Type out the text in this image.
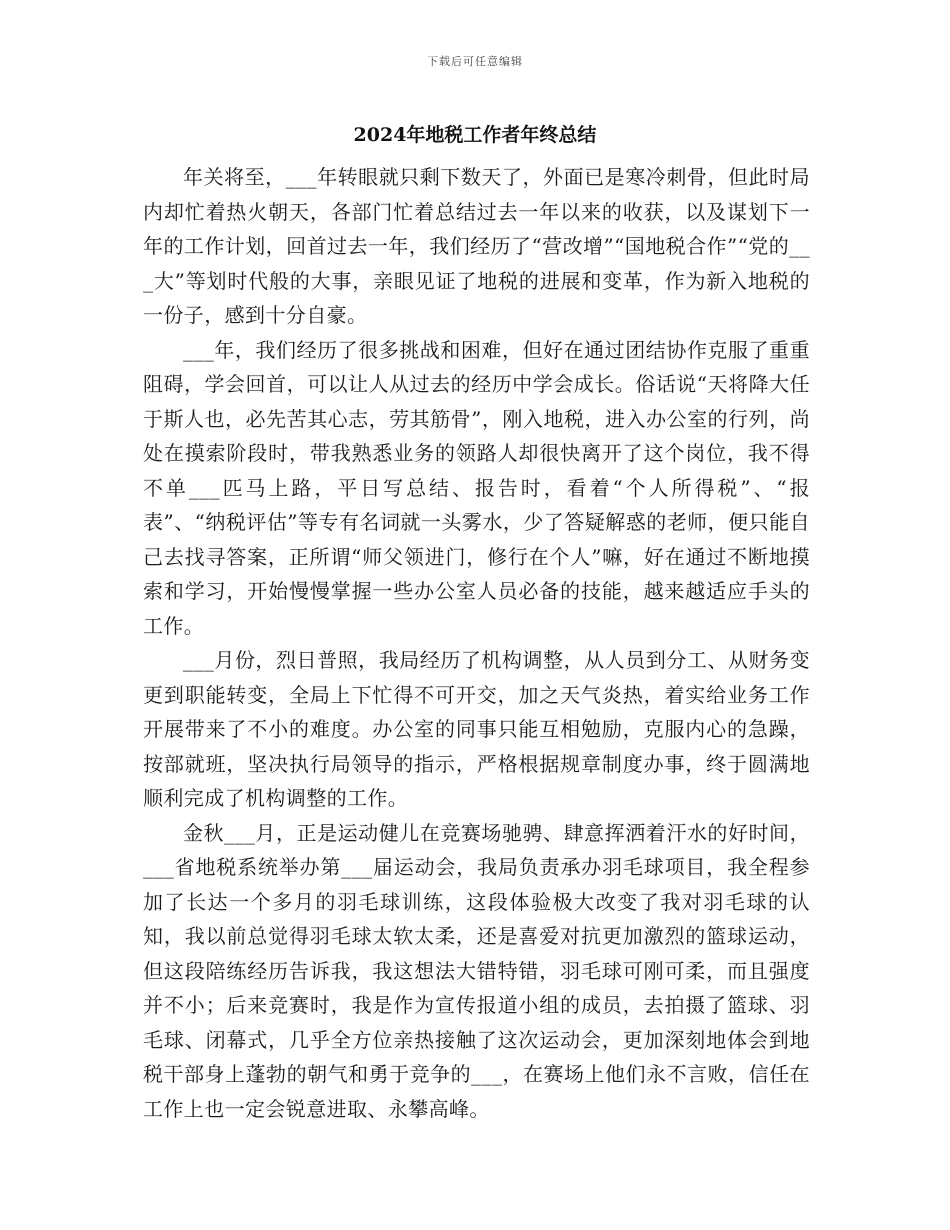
下载后可任意编辑
2024年地税工作者年终总结

年关将至，___年转眼就只剩下数天了，外面已是寒冷刺骨，但此时局内却忙着热火朝天，各部门忙着总结过去一年以来的收获，以及谋划下一年的工作计划，回首过去一年，我们经历了“营改增”“国地税合作”“党的___大”等划时代般的大事，亲眼见证了地税的进展和变革，作为新入地税的一份子，感到十分自豪。

___年，我们经历了很多挑战和困难，但好在通过团结协作克服了重重阻碍，学会回首，可以让人从过去的经历中学会成长。俗话说“天将降大任于斯人也，必先苦其心志，劳其筋骨”，刚入地税，进入办公室的行列，尚处在摸索阶段时，带我熟悉业务的领路人却很快离开了这个岗位，我不得不单___匹马上路，平日写总结、报告时，看着“个人所得税”、“报表”、“纳税评估”等专有名词就一头雾水，少了答疑解惑的老师，便只能自己去找寻答案，正所谓“师父领进门，修行在个人”嘛，好在通过不断地摸索和学习，开始慢慢掌握一些办公室人员必备的技能，越来越适应手头的工作。

___月份，烈日普照，我局经历了机构调整，从人员到分工、从财务变更到职能转变，全局上下忙得不可开交，加之天气炎热，着实给业务工作开展带来了不小的难度。办公室的同事只能互相勉励，克服内心的急躁，按部就班，坚决执行局领导的指示，严格根据规章制度办事，终于圆满地顺利完成了机构调整的工作。

金秋___月，正是运动健儿在竞赛场驰骋、肆意挥洒着汗水的好时间，___省地税系统举办第___届运动会，我局负责承办羽毛球项目，我全程参加了长达一个多月的羽毛球训练，这段体验极大改变了我对羽毛球的认知，我以前总觉得羽毛球太软太柔，还是喜爱对抗更加激烈的篮球运动，但这段陪练经历告诉我，我这想法大错特错，羽毛球可刚可柔，而且强度并不小；后来竞赛时，我是作为宣传报道小组的成员，去拍摄了篮球、羽毛球、闭幕式，几乎全方位亲热接触了这次运动会，更加深刻地体会到地税干部身上蓬勃的朝气和勇于竞争的___，在赛场上他们永不言败，信任在工作上也一定会锐意进取、永攀高峰。
